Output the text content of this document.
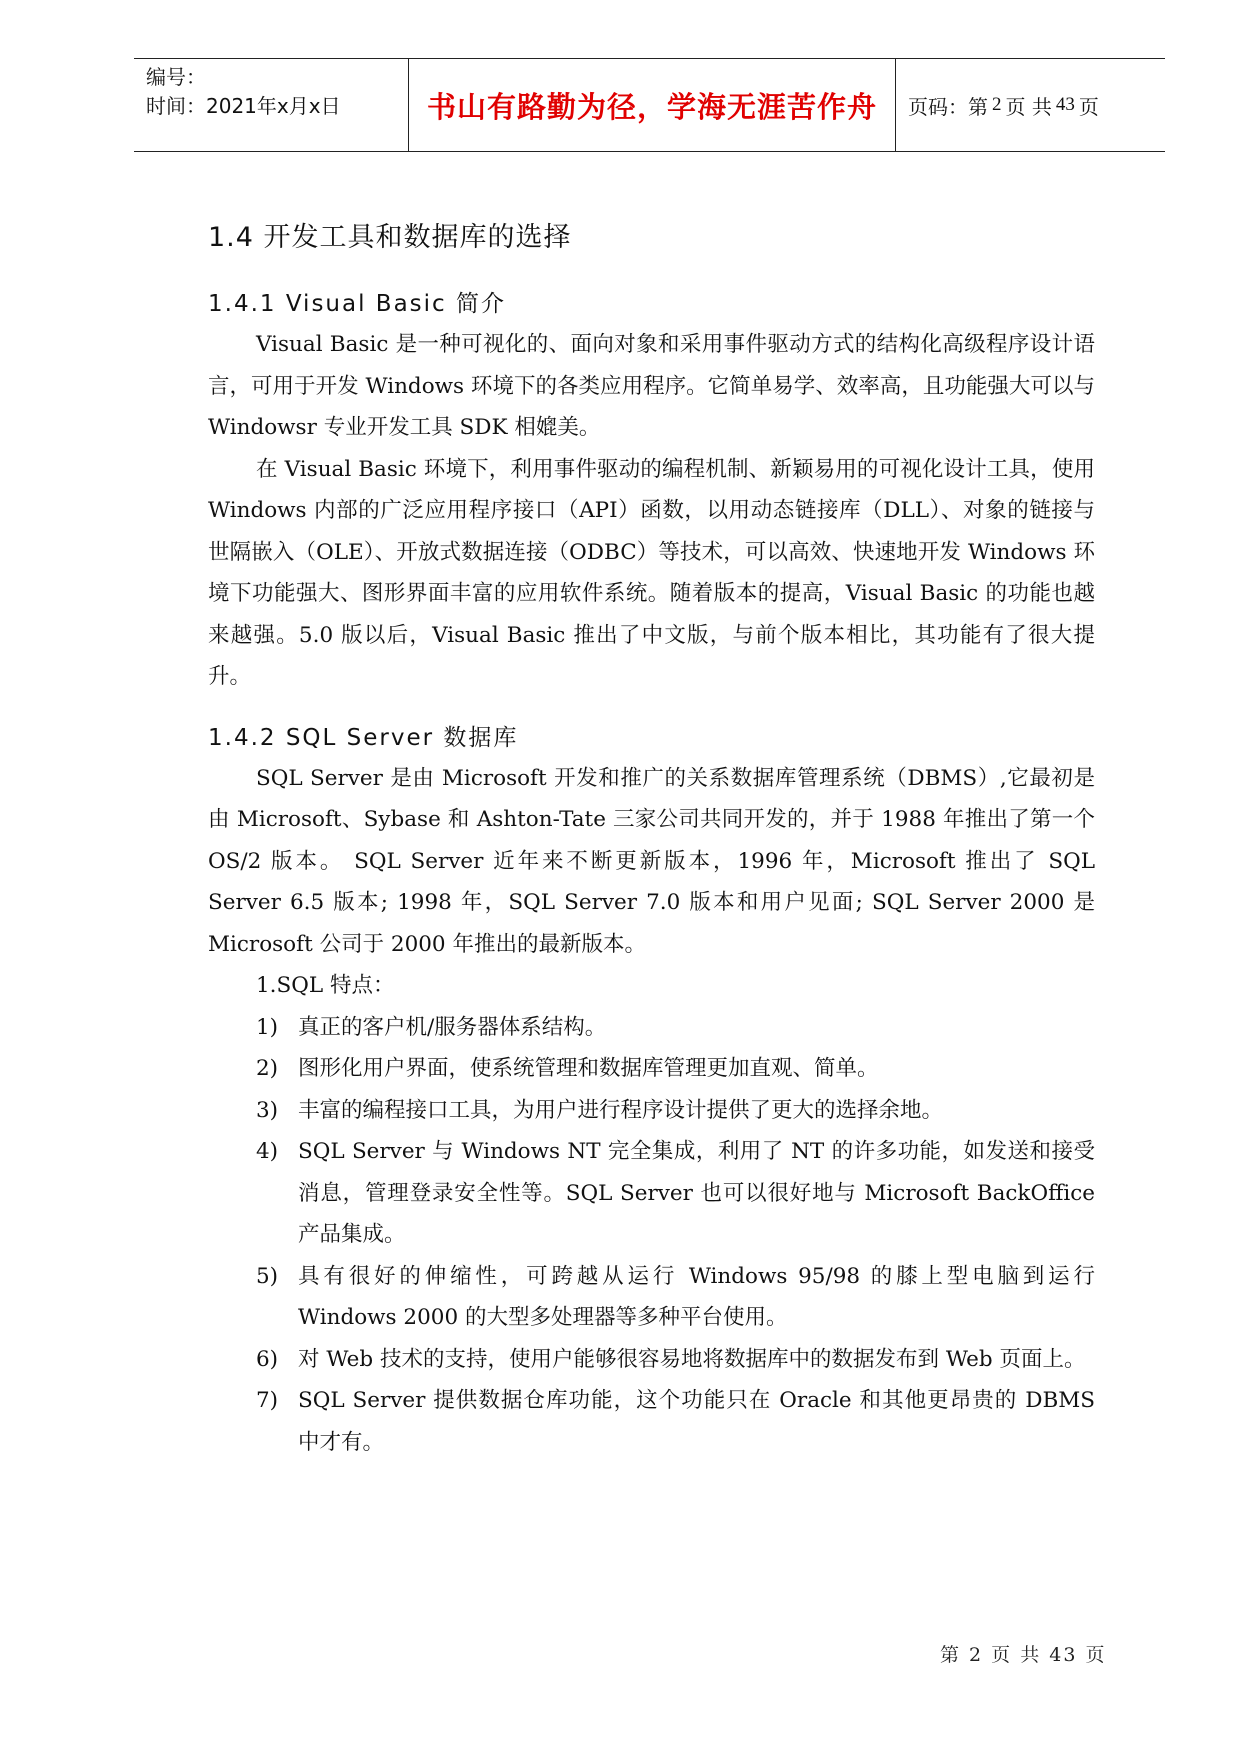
编号：
时间：2021年x月x日	书山有路勤为径，学海无涯苦作舟	页码：第 2 页 共 43 页
1.4 开发工具和数据库的选择
1.4.1 Visual Basic 简介

Visual Basic 是一种可视化的、面向对象和采用事件驱动方式的结构化高级程序设计语言，可用于开发 Windows 环境下的各类应用程序。它简单易学、效率高，且功能强大可以与 Windowsr 专业开发工具 SDK 相媲美。

在 Visual Basic 环境下，利用事件驱动的编程机制、新颖易用的可视化设计工具，使用 Windows 内部的广泛应用程序接口（API）函数，以用动态链接库（DLL）、对象的链接与世隔嵌入（OLE）、开放式数据连接（ODBC）等技术，可以高效、快速地开发 Windows 环境下功能强大、图形界面丰富的应用软件系统。随着版本的提高，Visual Basic 的功能也越来越强。5.0 版以后，Visual Basic 推出了中文版，与前个版本相比，其功能有了很大提升。

1.4.2 SQL Server 数据库

SQL Server 是由 Microsoft 开发和推广的关系数据库管理系统（DBMS）,它最初是由 Microsoft、Sybase 和 Ashton-Tate 三家公司共同开发的，并于 1988 年推出了第一个 OS/2 版本。 SQL Server 近年来不断更新版本，1996 年，Microsoft 推出了 SQL Server 6.5 版本; 1998 年，SQL Server 7.0 版本和用户见面; SQL Server 2000 是 Microsoft 公司于 2000 年推出的最新版本。

1.SQL 特点：
1) 真正的客户机/服务器体系结构。
2) 图形化用户界面，使系统管理和数据库管理更加直观、简单。
3) 丰富的编程接口工具，为用户进行程序设计提供了更大的选择余地。
4) SQL Server 与 Windows NT 完全集成，利用了 NT 的许多功能，如发送和接受消息，管理登录安全性等。SQL Server 也可以很好地与 Microsoft BackOffice 产品集成。
5) 具有很好的伸缩性，可跨越从运行 Windows 95/98 的膝上型电脑到运行 Windows 2000 的大型多处理器等多种平台使用。
6) 对 Web 技术的支持，使用户能够很容易地将数据库中的数据发布到 Web 页面上。
7) SQL Server 提供数据仓库功能，这个功能只在 Oracle 和其他更昂贵的 DBMS 中才有。
第 2 页 共 43 页
